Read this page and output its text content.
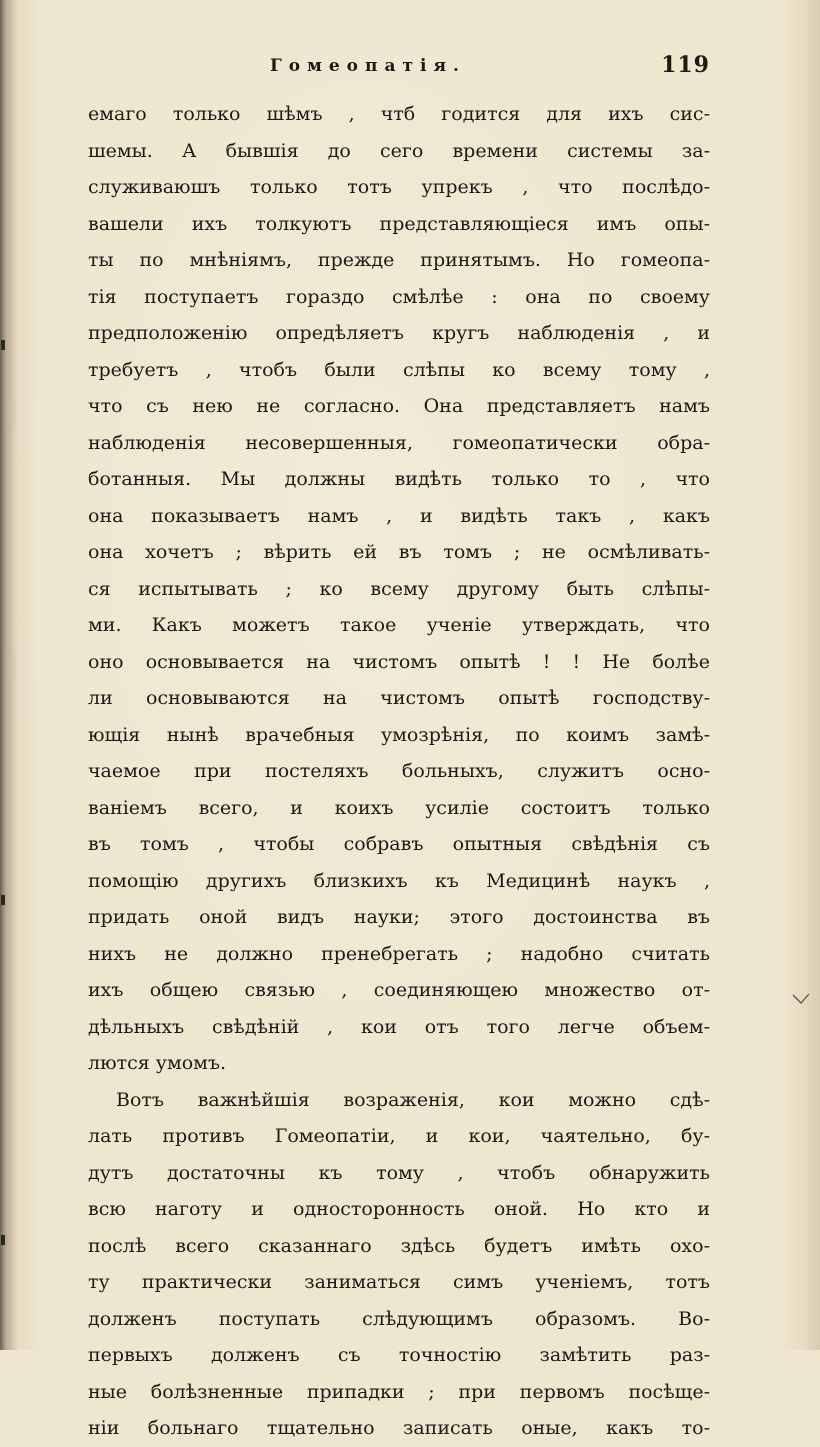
Гомеопатія.	119
емаго только шѣмъ , чтб годится для ихъ сис-
шемы. А бывшія до сего времени системы за-
служиваюшъ только тотъ упрекъ , что послѣдо-
вашели ихъ толкуютъ представляющіеся имъ опы-
ты по мнѣніямъ, прежде принятымъ. Но гомеопа-
тія поступаетъ гораздо смѣлѣе : она по своему
предположенію опредѣляетъ кругъ наблюденія , и
требуетъ , чтобъ были слѣпы ко всему тому ,
что съ нею не согласно. Она представляетъ намъ
наблюденія несовершенныя, гомеопатически обра-
ботанныя. Мы должны видѣть только то , что
она показываетъ намъ , и видѣть такъ , какъ
она хочетъ ; вѣрить ей въ томъ ; не осмѣливать-
ся испытывать ; ко всему другому быть слѣпы-
ми. Какъ можетъ такое ученіе утверждать, что
оно основывается на чистомъ опытѣ ! ! Не болѣе
ли основываются на чистомъ опытѣ господству-
ющія нынѣ врачебныя умозрѣнія, по коимъ замѣ-
чаемое при постеляхъ больныхъ, служитъ осно-
ваніемъ всего, и коихъ усиліе состоитъ только
въ томъ , чтобы собравъ опытныя свѣдѣнія съ
помощію другихъ близкихъ къ Медицинѣ наукъ ,
придать оной видъ науки; этого достоинства въ
нихъ не должно пренебрегать ; надобно считать
ихъ общею связью , соединяющею множество от-
дѣльныхъ свѣдѣній , кои отъ того легче объем-
лются умомъ.
Вотъ важнѣйшія возраженія, кои можно сдѣ-
лать противъ Гомеопатіи, и кои, чаятельно, бу-
дутъ достаточны къ тому , чтобъ обнаружить
всю наготу и односторонность оной. Но кто и
послѣ всего сказаннаго здѣсь будетъ имѣть охо-
ту практически заниматься симъ ученіемъ, тотъ
долженъ поступать слѣдующимъ образомъ. Во-
первыхъ долженъ съ точностію замѣтить раз-
ные болѣзненные припадки ; при первомъ посѣще-
ніи больнаго тщательно записать оные, какъ то-
